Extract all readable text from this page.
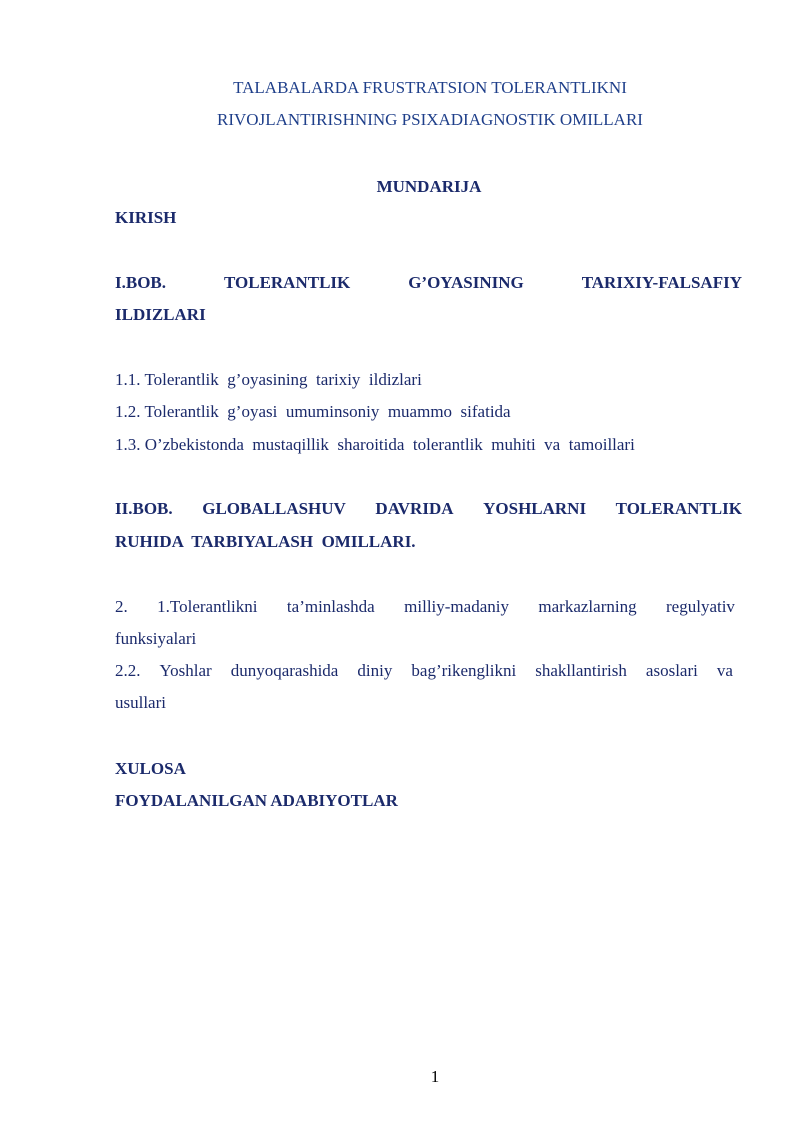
TALABALARDA FRUSTRATSION TOLERANTLIKNI
RIVOJLANTIRISHNING PSIXADIAGNOSTIK OMILLARI
MUNDARIJA
KIRISH
I.BOB.	TOLERANTLIK	G’OYASINING	TARIXIY-FALSAFIY
ILDIZLARI
1.1. Tolerantlik  g’oyasining  tarixiy  ildizlari
1.2. Tolerantlik  g’oyasi  umuminsoniy  muammo  sifatida
1.3. O’zbekistonda  mustaqillik  sharoitida  tolerantlik  muhiti  va  tamoillari
II.BOB. GLOBALLASHUV DAVRIDA YOSHLARNI TOLERANTLIK
RUHIDA  TARBIYALASH  OMILLARI.
2. 1.Tolerantlikni ta’minlashda milliy-madaniy markazlarning regulyativ
funksiyalari
2.2. Yoshlar dunyoqarashida diniy bag’rikenglikni shakllantirish asoslari va
usullari
XULOSA
FOYDALANILGAN ADABIYOTLAR
1
